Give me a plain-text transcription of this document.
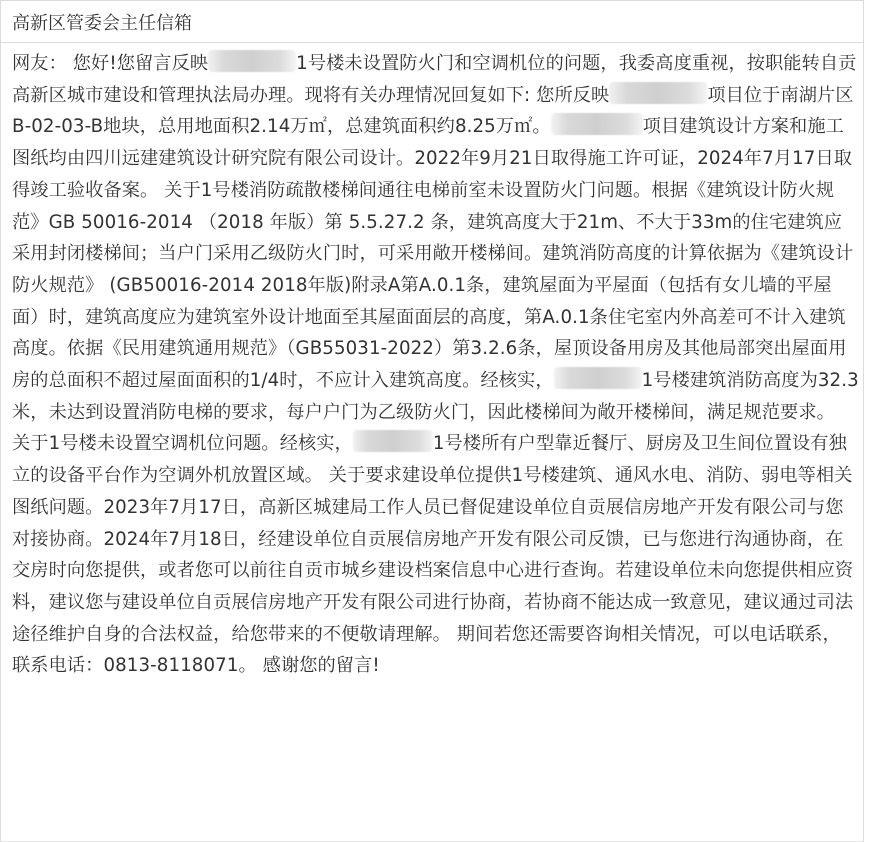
高新区管委会主任信箱
网友： 您好!您留言反映	1号楼未设置防火门和空调机位的问题，我委高度重视，按职能转自贡高新区城市建设和管理执法局办理。现将有关办理情况回复如下: 您所反映	项目位于南湖片区B-02-03-B地块，总用地面积2.14万㎡，总建筑面积约8.25万㎡。	项目建筑设计方案和施工图纸均由四川远建建筑设计研究院有限公司设计。2022年9月21日取得施工许可证，2024年7月17日取得竣工验收备案。 关于1号楼消防疏散楼梯间通往电梯前室未设置防火门问题。根据《建筑设计防火规范》GB 50016-2014 （2018 年版）第 5.5.27.2 条，建筑高度大于21m、不大于33m的住宅建筑应采用封闭楼梯间；当户门采用乙级防火门时，可采用敞开楼梯间。建筑消防高度的计算依据为《建筑设计防火规范》 (GB50016-2014 2018年版)附录A第A.0.1条，建筑屋面为平屋面（包括有女儿墙的平屋面）时，建筑高度应为建筑室外设计地面至其屋面面层的高度，第A.0.1条住宅室内外高差可不计入建筑高度。依据《民用建筑通用规范》（GB55031-2022）第3.2.6条，屋顶设备用房及其他局部突出屋面用房的总面积不超过屋面面积的1/4时，不应计入建筑高度。经核实，	1号楼建筑消防高度为32.3米，未达到设置消防电梯的要求，每户户门为乙级防火门，因此楼梯间为敞开楼梯间，满足规范要求。 关于1号楼未设置空调机位问题。经核实，	1号楼所有户型靠近餐厅、厨房及卫生间位置设有独立的设备平台作为空调外机放置区域。 关于要求建设单位提供1号楼建筑、通风水电、消防、弱电等相关图纸问题。2023年7月17日，高新区城建局工作人员已督促建设单位自贡展信房地产开发有限公司与您对接协商。2024年7月18日，经建设单位自贡展信房地产开发有限公司反馈，已与您进行沟通协商，在交房时向您提供，或者您可以前往自贡市城乡建设档案信息中心进行查询。若建设单位未向您提供相应资料，建议您与建设单位自贡展信房地产开发有限公司进行协商，若协商不能达成一致意见，建议通过司法途径维护自身的合法权益，给您带来的不便敬请理解。 期间若您还需要咨询相关情况，可以电话联系，联系电话：0813-8118071。 感谢您的留言!
